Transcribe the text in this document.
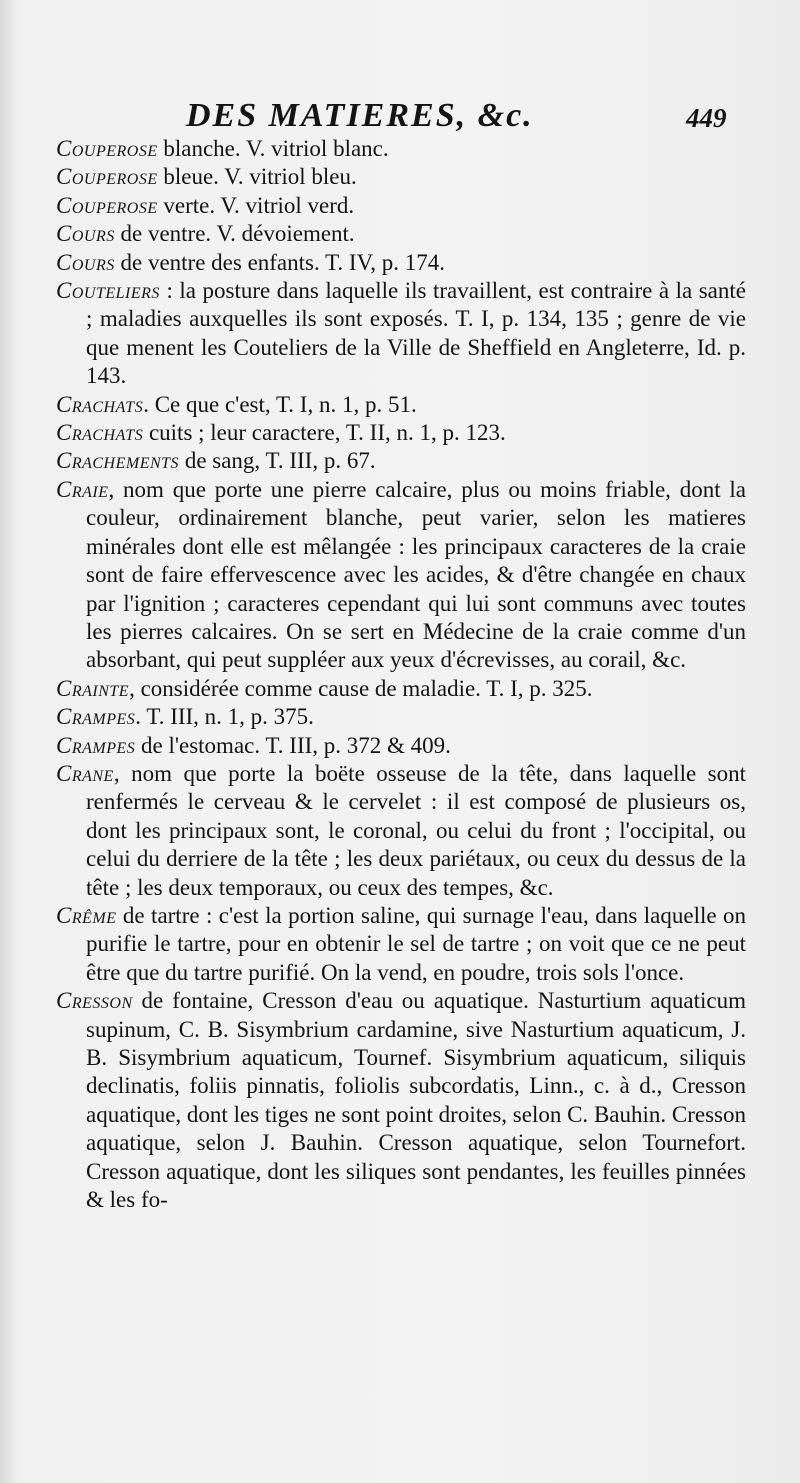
DES MATIERES, &c.	449

Couperose blanche. V. vitriol blanc.

Couperose bleue. V. vitriol bleu.

Couperose verte. V. vitriol verd.

Cours de ventre. V. dévoiement.

Cours de ventre des enfants. T. IV, p. 174.

Couteliers : la posture dans laquelle ils travaillent, est contraire à la santé ; maladies auxquelles ils sont exposés. T. I, p. 134, 135 ; genre de vie que menent les Couteliers de la Ville de Sheffield en Angleterre, Id. p. 143.

Crachats. Ce que c'est, T. I, n. 1, p. 51.

Crachats cuits ; leur caractere, T. II, n. 1, p. 123.

Crachements de sang, T. III, p. 67.

Craie, nom que porte une pierre calcaire, plus ou moins friable, dont la couleur, ordinairement blanche, peut varier, selon les matieres minérales dont elle est mêlangée : les principaux caracteres de la craie sont de faire effervescence avec les acides, & d'être changée en chaux par l'ignition ; caracteres cependant qui lui sont communs avec toutes les pierres calcaires. On se sert en Médecine de la craie comme d'un absorbant, qui peut suppléer aux yeux d'écrevisses, au corail, &c.

Crainte, considérée comme cause de maladie. T. I, p. 325.

Crampes. T. III, n. 1, p. 375.

Crampes de l'estomac. T. III, p. 372 & 409.

Crane, nom que porte la boëte osseuse de la tête, dans laquelle sont renfermés le cerveau & le cervelet : il est composé de plusieurs os, dont les principaux sont, le coronal, ou celui du front ; l'occipital, ou celui du derriere de la tête ; les deux pariétaux, ou ceux du dessus de la tête ; les deux temporaux, ou ceux des tempes, &c.

Crême de tartre : c'est la portion saline, qui surnage l'eau, dans laquelle on purifie le tartre, pour en obtenir le sel de tartre ; on voit que ce ne peut être que du tartre purifié. On la vend, en poudre, trois sols l'once.

Cresson de fontaine, Cresson d'eau ou aquatique. Nasturtium aquaticum supinum, C. B. Sisymbrium cardamine, sive Nasturtium aquaticum, J. B. Sisymbrium aquaticum, Tournef. Sisymbrium aquaticum, siliquis declinatis, foliis pinnatis, foliolis subcordatis, Linn., c. à d., Cresson aquatique, dont les tiges ne sont point droites, selon C. Bauhin. Cresson aquatique, selon J. Bauhin. Cresson aquatique, selon Tournefort. Cresson aquatique, dont les siliques sont pendantes, les feuilles pinnées & les fo-
